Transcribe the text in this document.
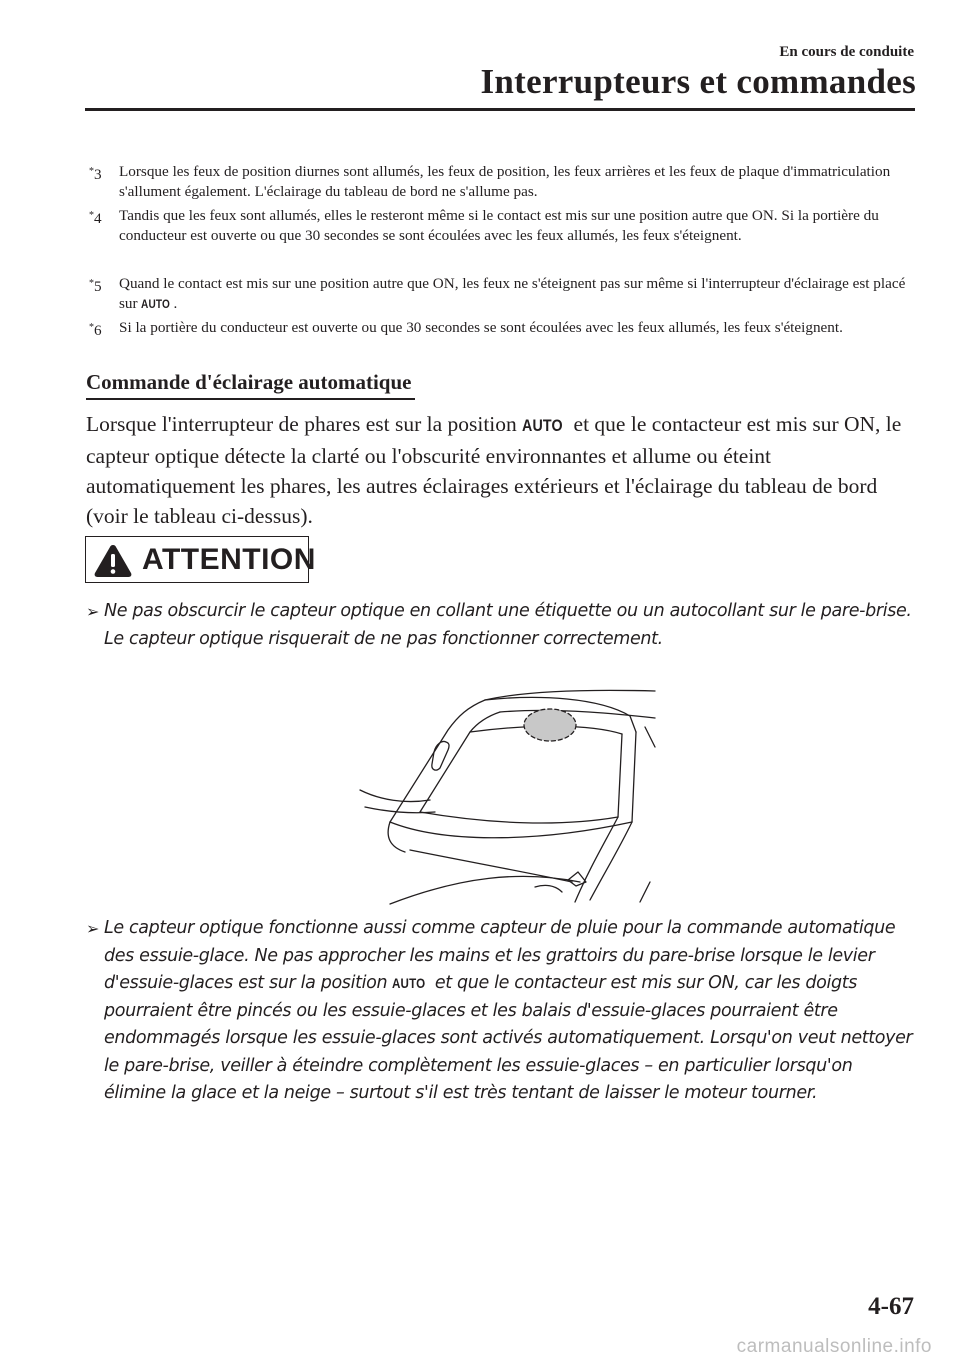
En cours de conduite
Interrupteurs et commandes
*3 Lorsque les feux de position diurnes sont allumés, les feux de position, les feux arrières et les feux de plaque d'immatriculation s'allument également. L'éclairage du tableau de bord ne s'allume pas.
*4 Tandis que les feux sont allumés, elles le resteront même si le contact est mis sur une position autre que ON. Si la portière du conducteur est ouverte ou que 30 secondes se sont écoulées avec les feux allumés, les feux s'éteignent.
*5 Quand le contact est mis sur une position autre que ON, les feux ne s'éteignent pas sur même si l'interrupteur d'éclairage est placé sur AUTO .
*6 Si la portière du conducteur est ouverte ou que 30 secondes se sont écoulées avec les feux allumés, les feux s'éteignent.
Commande d'éclairage automatique
Lorsque l'interrupteur de phares est sur la position AUTO et que le contacteur est mis sur ON, le capteur optique détecte la clarté ou l'obscurité environnantes et allume ou éteint automatiquement les phares, les autres éclairages extérieurs et l'éclairage du tableau de bord (voir le tableau ci-dessus).
ATTENTION
➢ Ne pas obscurcir le capteur optique en collant une étiquette ou un autocollant sur le pare-brise. Le capteur optique risquerait de ne pas fonctionner correctement.
➢ Le capteur optique fonctionne aussi comme capteur de pluie pour la commande automatique des essuie-glace. Ne pas approcher les mains et les grattoirs du pare-brise lorsque le levier d'essuie-glaces est sur la position AUTO et que le contacteur est mis sur ON, car les doigts pourraient être pincés ou les essuie-glaces et les balais d'essuie-glaces pourraient être endommagés lorsque les essuie-glaces sont activés automatiquement. Lorsqu'on veut nettoyer le pare-brise, veiller à éteindre complètement les essuie-glaces – en particulier lorsqu'on élimine la glace et la neige – surtout s'il est très tentant de laisser le moteur tourner.
4-67
carmanualsonline.info
